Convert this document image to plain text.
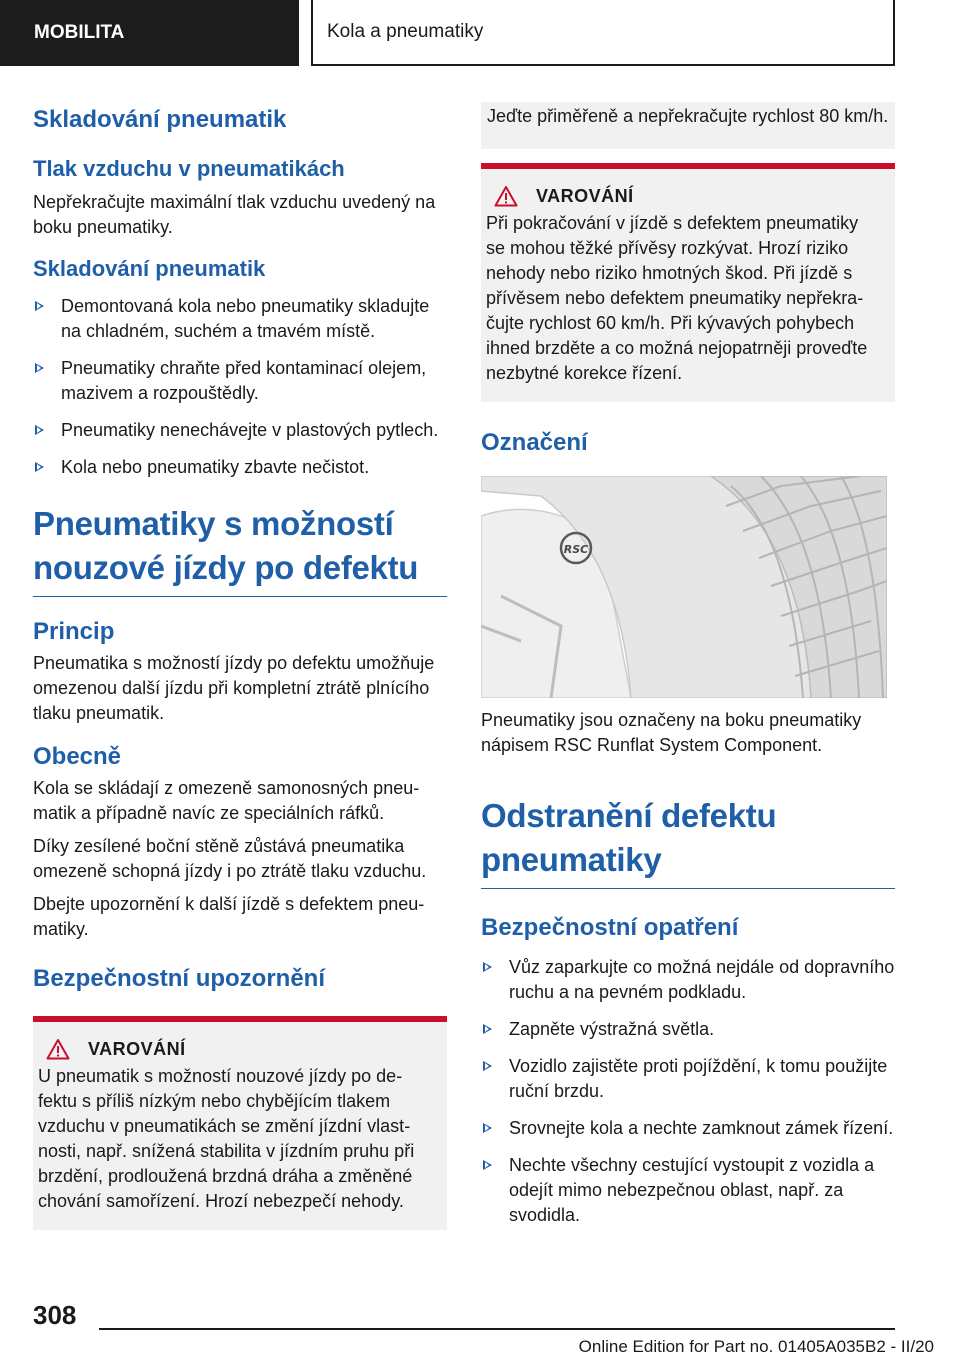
MOBILITA	Kola a pneumatiky
Skladování pneumatik
Tlak vzduchu v pneumatikách

Nepřekračujte maximální tlak vzduchu uvedený na boku pneumatiky.

Skladování pneumatik
Demontovaná kola nebo pneumatiky skladujte na chladném, suchém a tmavém místě.
Pneumatiky chraňte před kontaminací olejem, mazivem a rozpouštědly.
Pneumatiky nenechávejte v plastových pytlech.
Kola nebo pneumatiky zbavte nečistot.
Pneumatiky s možností nouzové jízdy po defektu
Princip

Pneumatika s možností jízdy po defektu umožňuje omezenou další jízdu při kompletní ztrátě plnícího tlaku pneumatik.

Obecně

Kola se skládají z omezeně samonosných pneumatik a případně navíc ze speciálních ráfků.

Díky zesílené boční stěně zůstává pneumatika omezeně schopná jízdy i po ztrátě tlaku vzduchu.

Dbejte upozornění k další jízdě s defektem pneumatiky.

Bezpečnostní upozornění
VAROVÁNÍ

U pneumatik s možností nouzové jízdy po defektu s příliš nízkým nebo chybějícím tlakem vzduchu v pneumatikách se změní jízdní vlastnosti, např. snížená stabilita v jízdním pruhu při brzdění, prodloužená brzdná dráha a změněné chování samořízení. Hrozí nebezpečí nehody.

Jeďte přiměřeně a nepřekračujte rychlost 80 km/h.

VAROVÁNÍ

Při pokračování v jízdě s defektem pneumatiky se mohou těžké přívěsy rozkývat. Hrozí riziko nehody nebo riziko hmotných škod. Při jízdě s přívěsem nebo defektem pneumatiky nepřekračujte rychlost 60 km/h. Při kývavých pohybech ihned brzděte a co možná nejopatrněji proveďte nezbytné korekce řízení.

Označení
RSC

Pneumatiky jsou označeny na boku pneumatiky nápisem RSC Runflat System Component.

Odstranění defektu pneumatiky
Bezpečnostní opatření
Vůz zaparkujte co možná nejdále od dopravního ruchu a na pevném podkladu.
Zapněte výstražná světla.
Vozidlo zajistěte proti pojíždění, k tomu použijte ruční brzdu.
Srovnejte kola a nechte zamknout zámek řízení.
Nechte všechny cestující vystoupit z vozidla a odejít mimo nebezpečnou oblast, např. za svodidla.
308
Online Edition for Part no. 01405A035B2 - II/20
